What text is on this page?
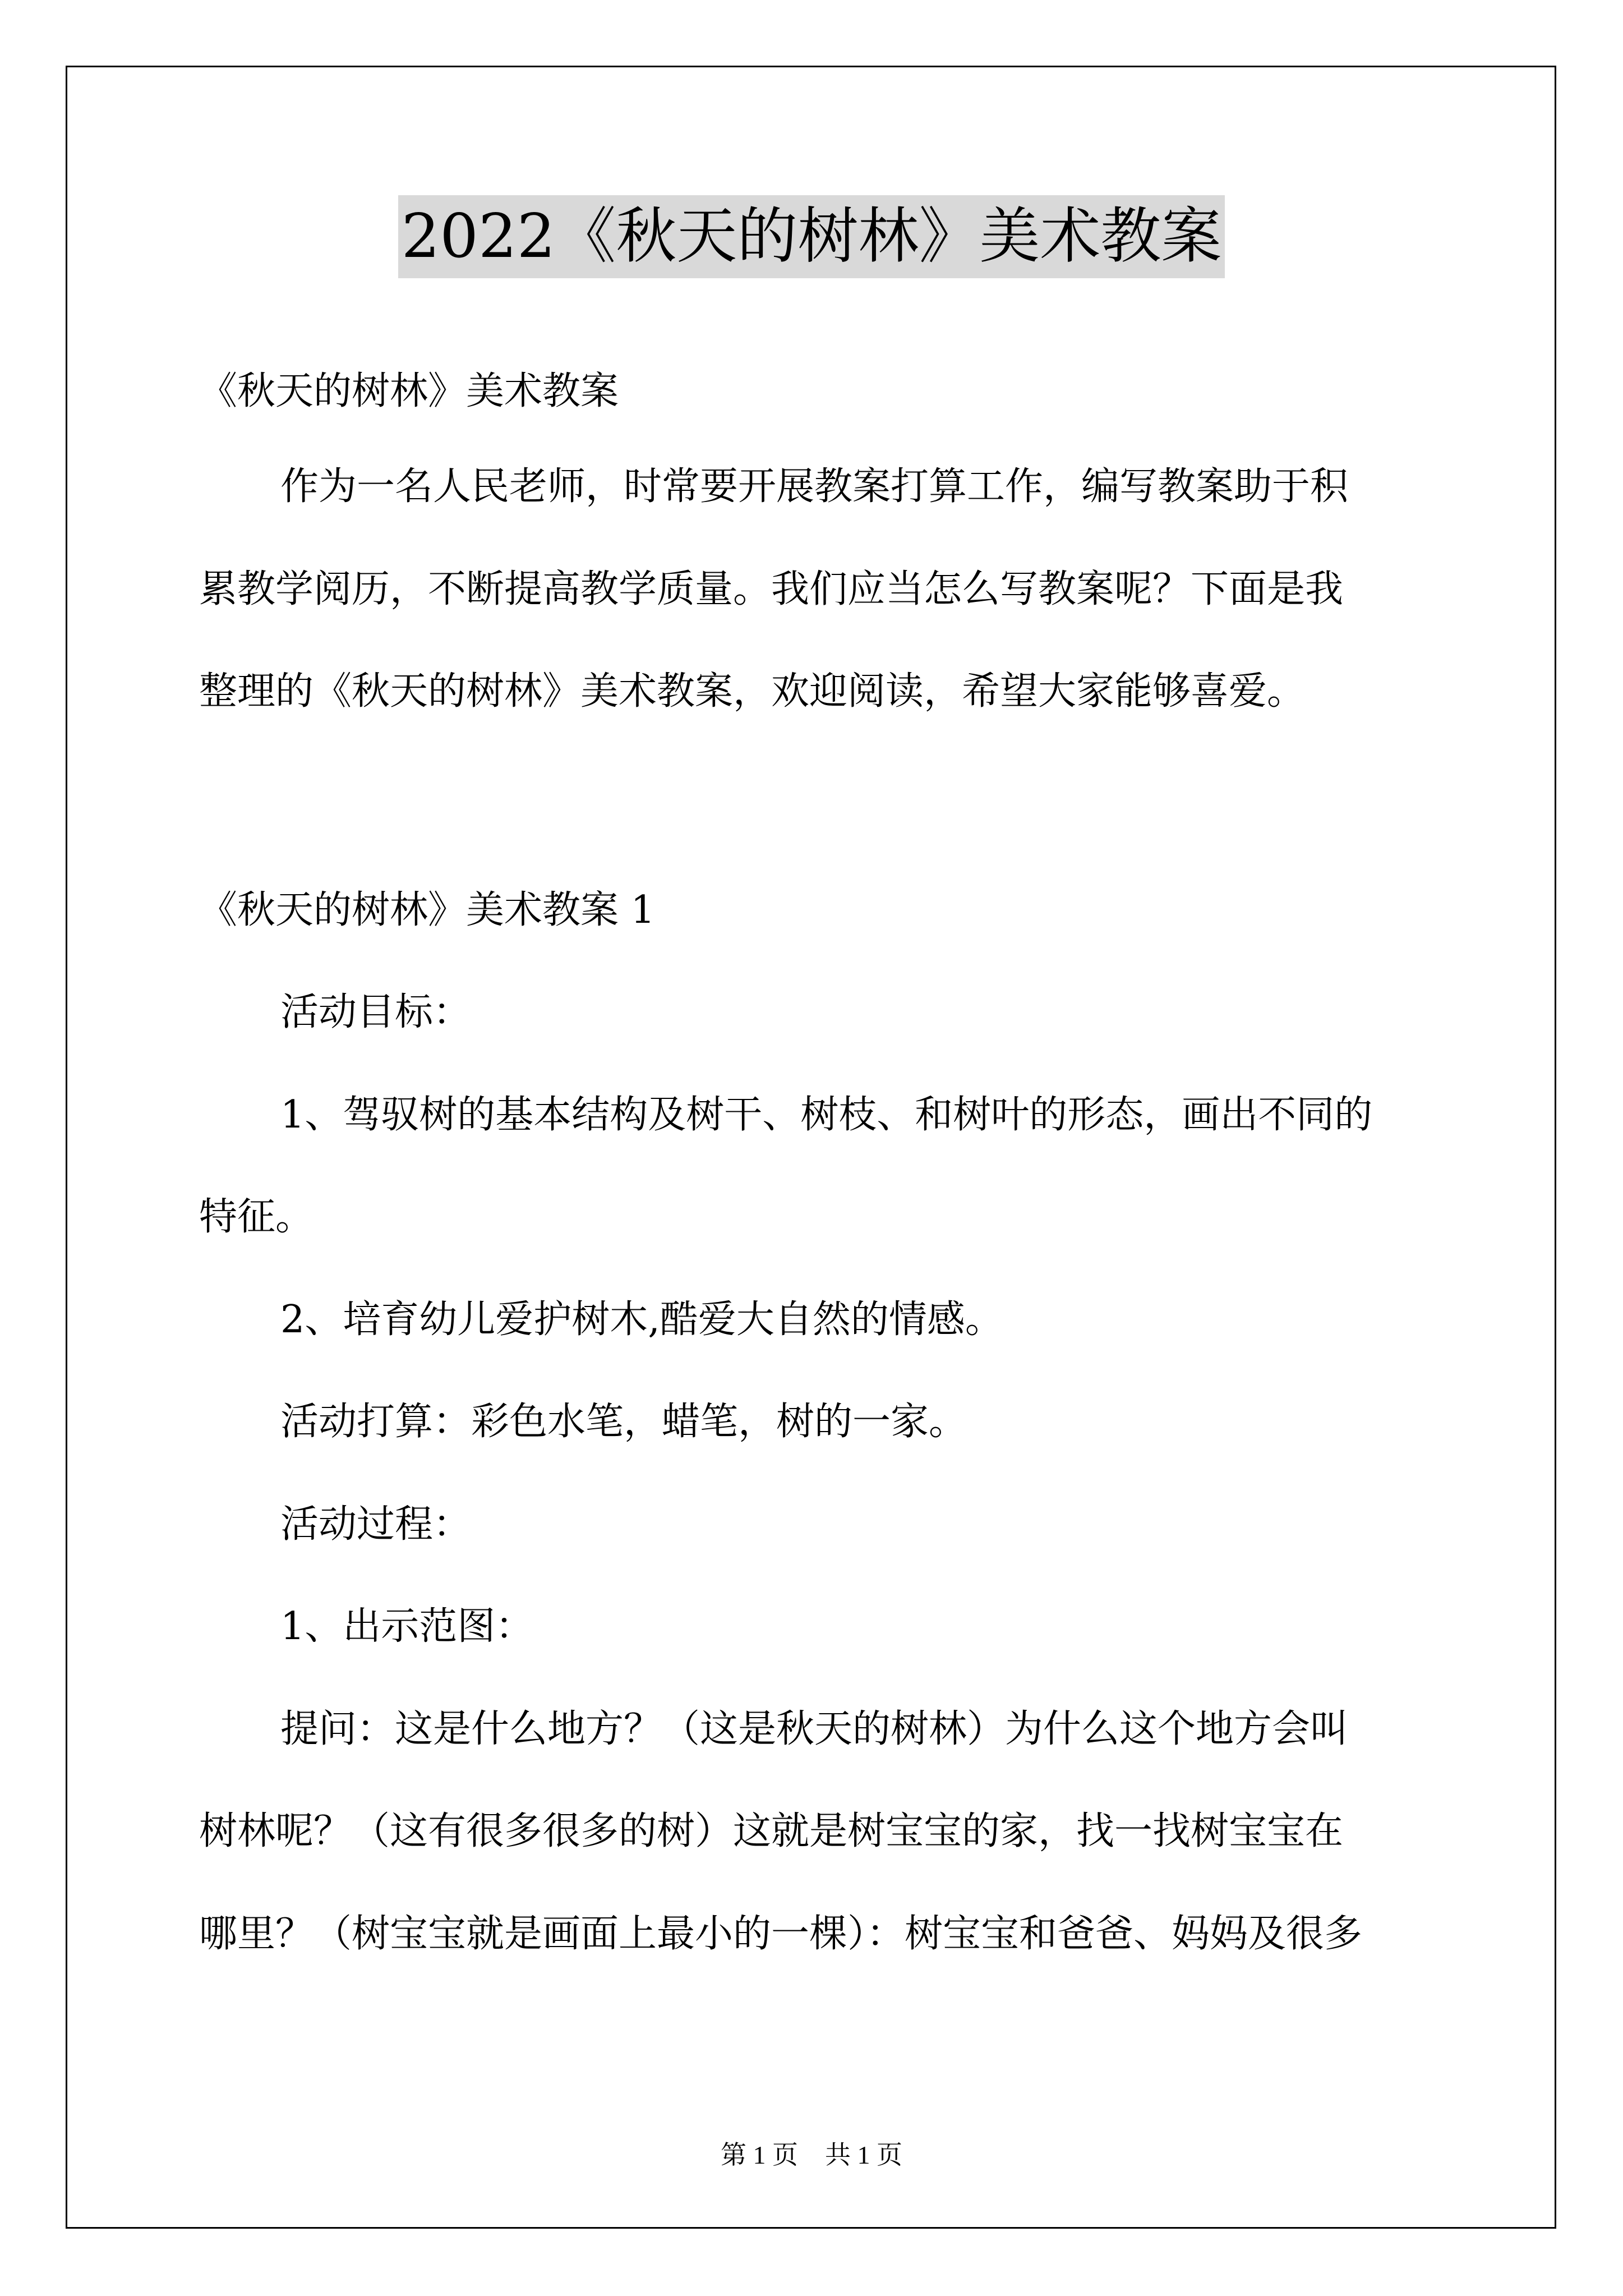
2022《秋天的树林》美术教案
《秋天的树林》美术教案
作为一名人民老师，时常要开展教案打算工作，编写教案助于积
累教学阅历，不断提高教学质量。我们应当怎么写教案呢？下面是我
整理的《秋天的树林》美术教案，欢迎阅读，希望大家能够喜爱。
《秋天的树林》美术教案 1
活动目标：
1、驾驭树的基本结构及树干、树枝、和树叶的形态，画出不同的
特征。
2、培育幼儿爱护树木,酷爱大自然的情感。
活动打算：彩色水笔，蜡笔，树的一家。
活动过程：
1、出示范图：
提问：这是什么地方？（这是秋天的树林）为什么这个地方会叫
树林呢？（这有很多很多的树）这就是树宝宝的家，找一找树宝宝在
哪里？（树宝宝就是画面上最小的一棵）：树宝宝和爸爸、妈妈及很多
第 1 页 共 1 页
